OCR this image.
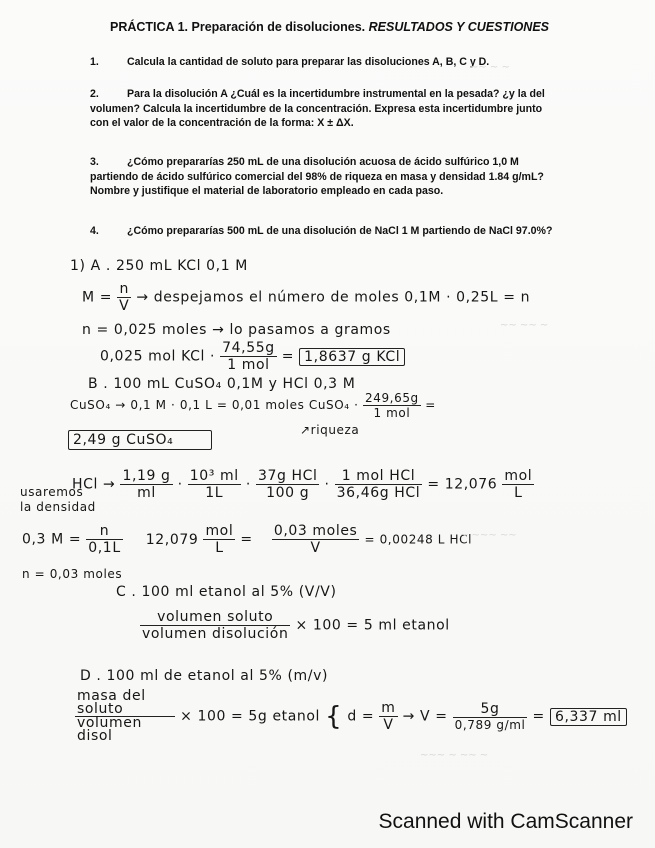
PRÁCTICA 1. Preparación de disoluciones. RESULTADOS Y CUESTIONES
1.	Calcula la cantidad de soluto para preparar las disoluciones A, B, C y D.
2.	Para la disolución A ¿Cuál es la incertidumbre instrumental en la pesada? ¿y la del volumen? Calcula la incertidumbre de la concentración. Expresa esta incertidumbre junto con el valor de la concentración de la forma: X ± ΔX.
3.	¿Cómo prepararías 250 mL de una disolución acuosa de ácido sulfúrico 1,0 M partiendo de ácido sulfúrico comercial del 98% de riqueza en masa y densidad 1.84 g/mL? Nombre y justifique el material de laboratorio empleado en cada paso.
4.	¿Cómo prepararías 500 mL de una disolución de NaCl 1 M partiendo de NaCl 97.0%?
1) A . 250 mL KCl 0,1 M
$M = \frac{n}{V}$ → despejamos el número de moles 0,1M · 0,25L = n
n = 0,025 moles → lo pasamos a gramos
0,025 mol KCl · $\frac{74,55g}{\text{1 mol}} = 1,8637$ g KCl
B . 100 mL CuSO₄ 0,1M y HCl 0,3 M
CuSO₄ → 0,1 M · 0,1 L = 0,01 moles CuSO₄ · $\frac{249,65g}{\text{1 mol}}$ =
2,49 g CuSO₄
↗riqueza
HCl → $\frac{1,19 g}{ml} \cdot \frac{\text{10³ ml}}{1L} \cdot \frac{\text{37g HCl}}{100 g} \cdot \frac{\text{1 mol HCl}}{\text{36,46g HCl}} = 12,076 \frac{\text{mol}}{L}$
usaremos
la densidad
0,3 $M = \frac{n}{0,1L} 12,079 \frac{\text{mol}}{L} = \frac{\text{0,03 moles}}{V} = 0,00248$ L HCl
n = 0,03 moles
C . 100 ml etanol al 5% (V/V)
$\frac{\text{volumen soluto}}{\text{volumen disolución}} \times 100 = 5$ ml etanol
D . 100 ml de etanol al 5% (m/v)
$\frac{\text{masa del soluto}}{\text{volumen disol}} \times 100 = 5g$ etanol { $d = \frac{m}{V} \to V = \frac{5g}{0,789 g/ml} = 6,337$ ml
~~ ~ ~
~~ ~~ ~
~ ~~~ ~~
~~~ ~ ~~ ~
Scanned with CamScanner
